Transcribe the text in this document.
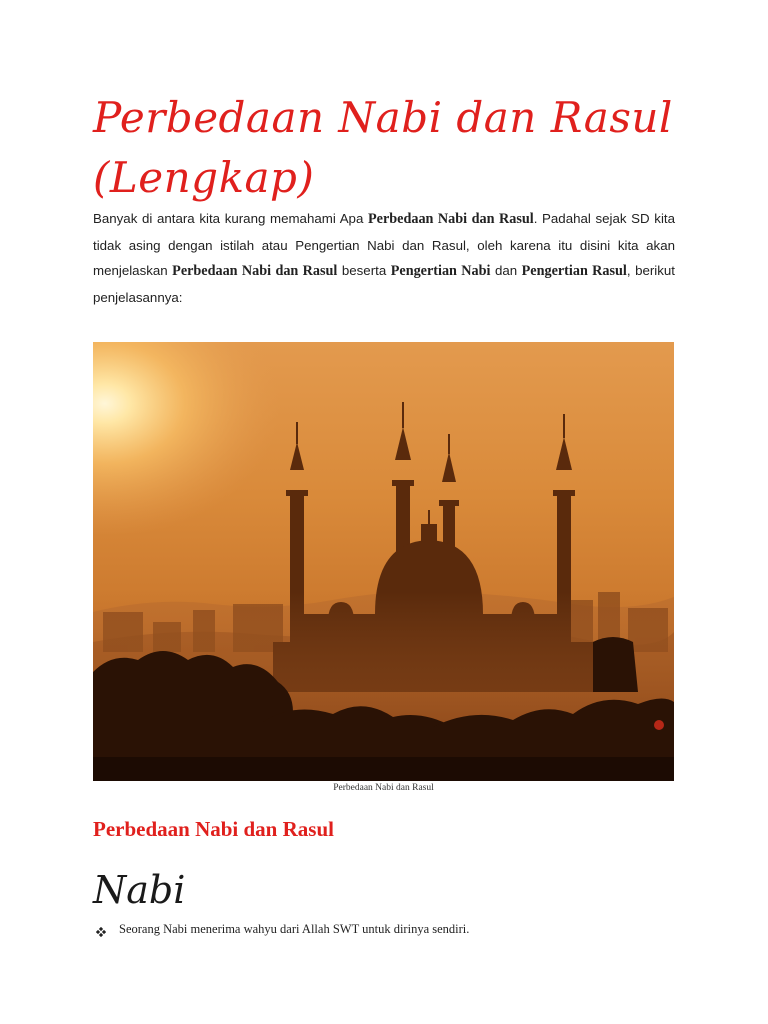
Perbedaan Nabi dan Rasul (Lengkap)

Banyak di antara kita kurang memahami Apa Perbedaan Nabi dan Rasul. Padahal sejak SD kita tidak asing dengan istilah atau Pengertian Nabi dan Rasul, oleh karena itu disini kita akan menjelaskan Perbedaan Nabi dan Rasul beserta Pengertian Nabi dan Pengertian Rasul, berikut penjelasannya:

Perbedaan Nabi dan Rasul
Perbedaan Nabi dan Rasul
Nabi
Seorang Nabi menerima wahyu dari Allah SWT untuk dirinya sendiri.
